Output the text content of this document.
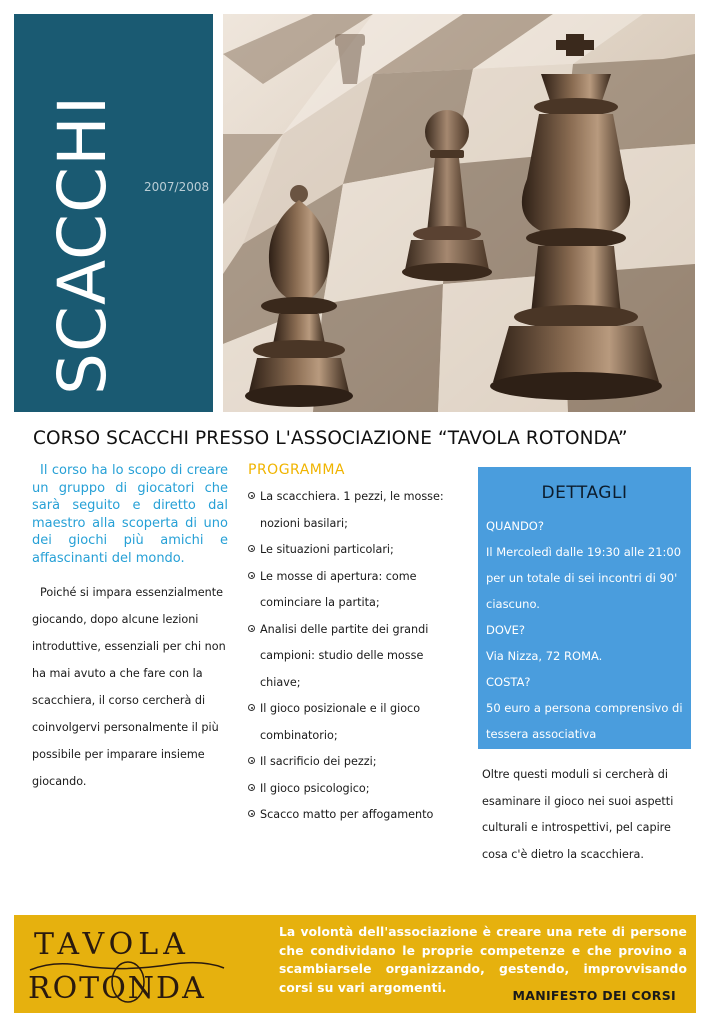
SCACCHI 2007/2008
CORSO SCACCHI PRESSO L'ASSOCIAZIONE “TAVOLA ROTONDA”

Il corso ha lo scopo di creare un gruppo di giocatori che sarà seguito e diretto dal maestro alla scoperta di uno dei giochi più amichi e affascinanti del mondo.

Poiché si impara essenzialmente giocando, dopo alcune lezioni introduttive, essenziali per chi non ha mai avuto a che fare con la scacchiera, il corso cercherà di coinvolgervi personalmente il più possibile per imparare insieme giocando.

PROGRAMMA
La scacchiera. 1 pezzi, le mosse: nozioni basilari;
Le situazioni particolari;
Le mosse di apertura: come cominciare la partita;
Analisi delle partite dei grandi campioni: studio delle mosse chiave;
Il gioco posizionale e il gioco combinatorio;
Il sacrificio dei pezzi;
Il gioco psicologico;
Scacco matto per affogamento
DETTAGLI
QUANDO?
Il Mercoledì dalle 19:30 alle 21:00 per un totale di sei incontri di 90' ciascuno.
DOVE?
Via Nizza, 72 ROMA.
COSTA?
50 euro a persona comprensivo di tessera associativa
Oltre questi moduli si cercherà di esaminare il gioco nei suoi aspetti culturali e introspettivi, pel capire cosa c'è dietro la scacchiera.
TAVOLA
ROTONDA
La volontà dell'associazione è creare una rete di persone che condividano le proprie competenze e che provino a scambiarsele organizzando, gestendo, improvvisando corsi su vari argomenti.
MANIFESTO DEI CORSI
